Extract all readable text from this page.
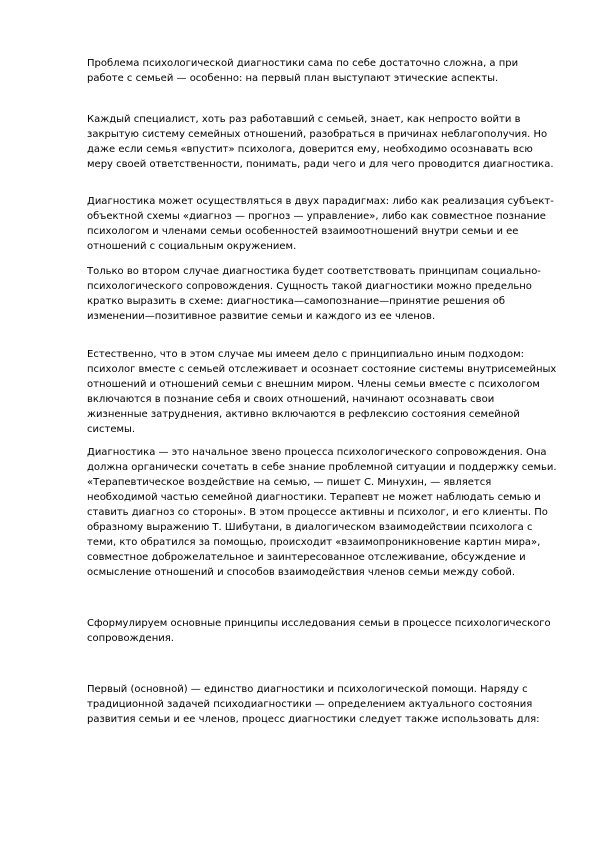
Проблема психологической диагностики сама по себе достаточно сложна, а при работе с семьей — особенно: на первый план выступают этические аспекты.

Каждый специалист, хоть раз работавший с семьей, знает, как непросто войти в закрытую систему семейных отношений, разобраться в причинах неблагополучия. Но даже если семья «впустит» психолога, доверится ему, необходимо осознавать всю меру своей ответственности, понимать, ради чего и для чего проводится диагностика.

Диагностика может осуществляться в двух парадигмах: либо как реализация субъект-объектной схемы «диагноз — прогноз — управление», либо как совместное познание психологом и членами семьи особенностей взаимоотношений внутри семьи и ее отношений с социальным окружением.

Только во втором случае диагностика будет соответствовать принципам социально-психологического сопровождения. Сущность такой диагностики можно предельно кратко выразить в схеме: диагностика—самопознание—принятие решения об изменении—позитивное развитие семьи и каждого из ее членов.

Естественно, что в этом случае мы имеем дело с принципиально иным подходом: психолог вместе с семьей отслеживает и осознает состояние системы внутрисемейных отношений и отношений семьи с внешним миром. Члены семьи вместе с психологом включаются в познание себя и своих отношений, начинают осознавать свои жизненные затруднения, активно включаются в рефлексию состояния семейной системы.

Диагностика — это начальное звено процесса психологического сопровождения. Она должна органически сочетать в себе знание проблемной ситуации и поддержку семьи. «Терапевтическое воздействие на семью, — пишет С. Минухин, — является необходимой частью семейной диагностики. Терапевт не может наблюдать семью и ставить диагноз со стороны». В этом процессе активны и психолог, и его клиенты. По образному выражению Т. Шибутани, в диалогическом взаимодействии психолога с теми, кто обратился за помощью, происходит «взаимопроникновение картин мира», совместное доброжелательное и заинтересованное отслеживание, обсуждение и осмысление отношений и способов взаимодействия членов семьи между собой.

Сформулируем основные принципы исследования семьи в процессе психологического сопровождения.

Первый (основной) — единство диагностики и психологической помощи. Наряду с традиционной задачей психодиагностики — определением актуального состояния развития семьи и ее членов, процесс диагностики следует также использовать для:
